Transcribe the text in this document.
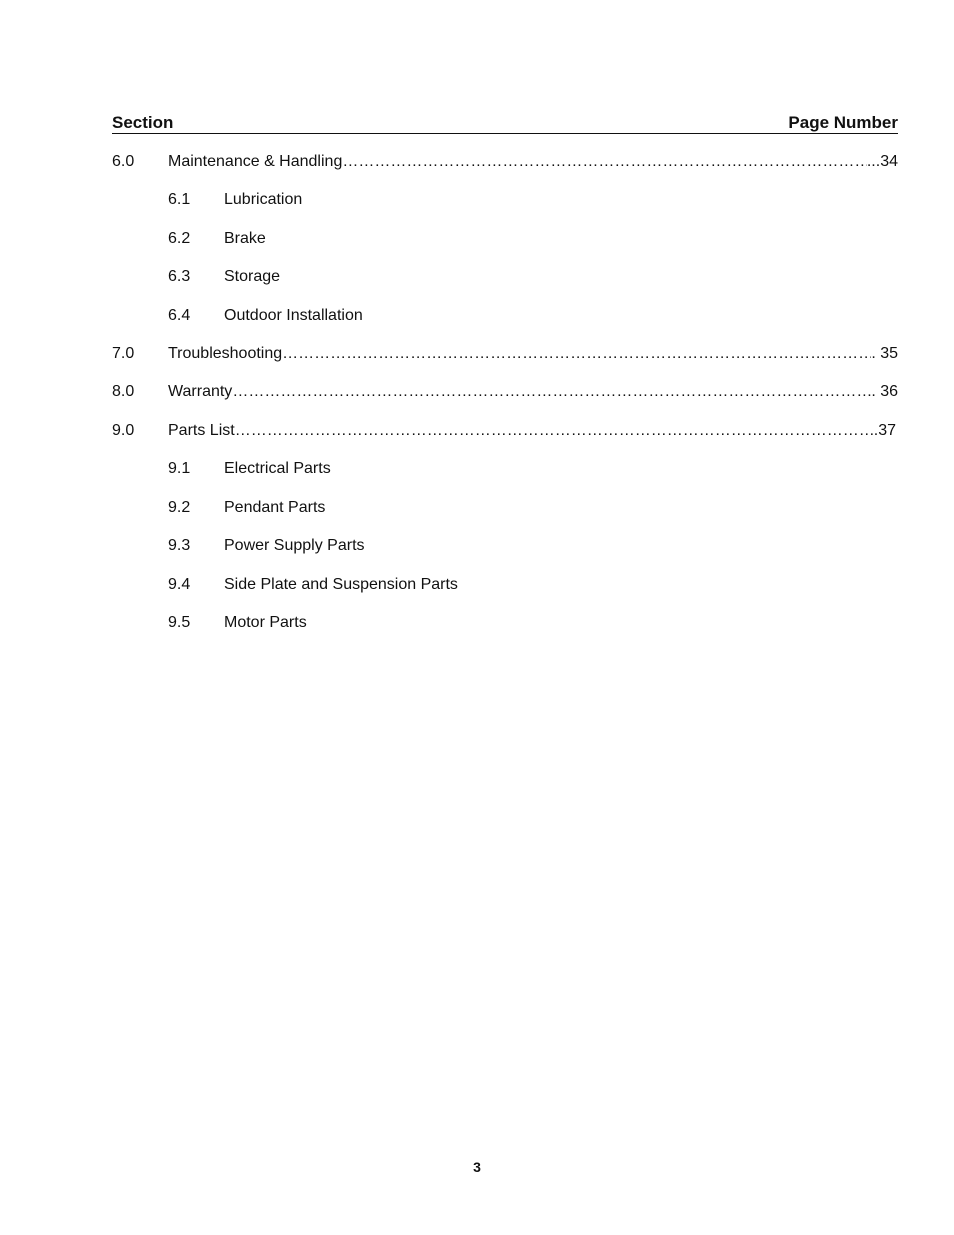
Section	Page Number
6.0 Maintenance & Handling ………………………………………………………………………………………………………………………………………………………………	...34
6.1 Lubrication
6.2 Brake
6.3 Storage
6.4 Outdoor Installation
7.0 Troubleshooting ………………………………………………………………………………………………………………………………………………………………	. 35
8.0 Warranty ………………………………………………………………………………………………………………………………………………………………	. 36
9.0 Parts List ………………………………………………………………………………………………………………………………………………………………	.37
9.1 Electrical Parts
9.2 Pendant Parts
9.3 Power Supply Parts
9.4 Side Plate and Suspension Parts
9.5 Motor Parts
3
